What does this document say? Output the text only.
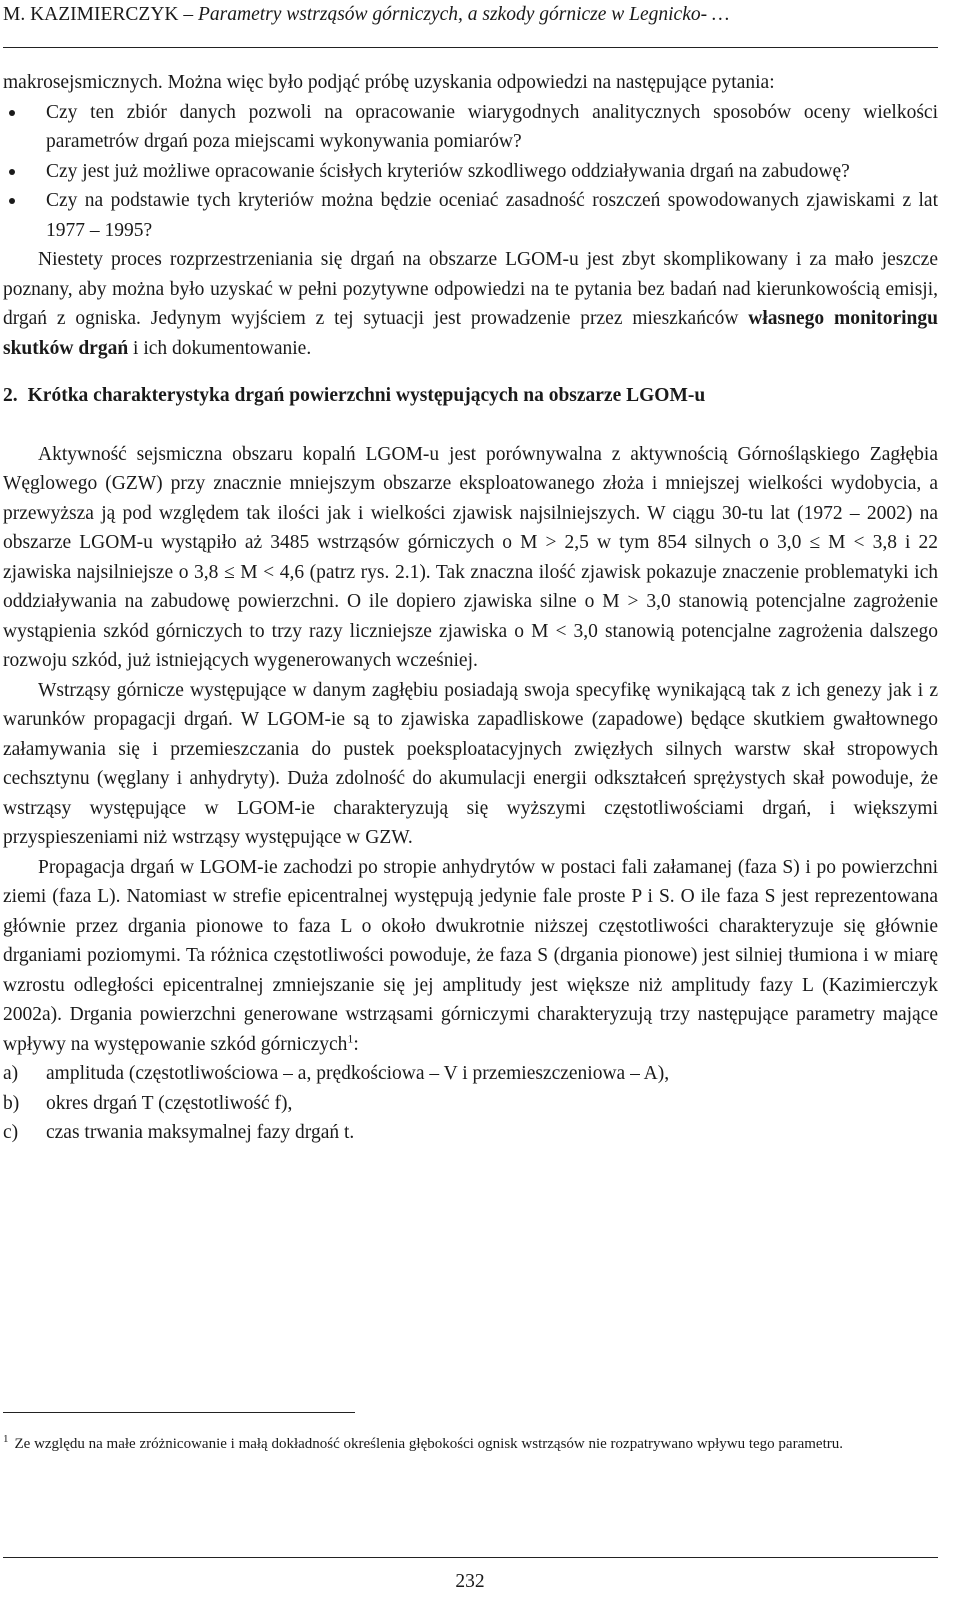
M. KAZIMIERCZYK – Parametry wstrząsów górniczych, a szkody górnicze w Legnicko- …

makrosejsmicznych. Można więc było podjąć próbę uzyskania odpowiedzi na następujące pytania:

Czy ten zbiór danych pozwoli na opracowanie wiarygodnych analitycznych sposobów oceny wielkości parametrów drgań poza miejscami wykonywania pomiarów?
Czy jest już możliwe opracowanie ścisłych kryteriów szkodliwego oddziaływania drgań na zabudowę?
Czy na podstawie tych kryteriów można będzie oceniać zasadność roszczeń spowodowanych zjawiskami z lat 1977 – 1995?

Niestety proces rozprzestrzeniania się drgań na obszarze LGOM-u jest zbyt skomplikowany i za mało jeszcze poznany, aby można było uzyskać w pełni pozytywne odpowiedzi na te pytania bez badań nad kierunkowością emisji, drgań z ogniska. Jedynym wyjściem z tej sytuacji jest prowadzenie przez mieszkańców własnego monitoringu skutków drgań i ich dokumentowanie.

2. Krótka charakterystyka drgań powierzchni występujących na obszarze LGOM-u

Aktywność sejsmiczna obszaru kopalń LGOM-u jest porównywalna z aktywnością Górnośląskiego Zagłębia Węglowego (GZW) przy znacznie mniejszym obszarze eksploatowanego złoża i mniejszej wielkości wydobycia, a przewyższa ją pod względem tak ilości jak i wielkości zjawisk najsilniejszych. W ciągu 30-tu lat (1972 – 2002) na obszarze LGOM-u wystąpiło aż 3485 wstrząsów górniczych o M > 2,5 w tym 854 silnych o 3,0 ≤ M < 3,8 i 22 zjawiska najsilniejsze o 3,8 ≤ M < 4,6 (patrz rys. 2.1). Tak znaczna ilość zjawisk pokazuje znaczenie problematyki ich oddziaływania na zabudowę powierzchni. O ile dopiero zjawiska silne o M > 3,0 stanowią potencjalne zagrożenie wystąpienia szkód górniczych to trzy razy liczniejsze zjawiska o M < 3,0 stanowią potencjalne zagrożenia dalszego rozwoju szkód, już istniejących wygenerowanych wcześniej.

Wstrząsy górnicze występujące w danym zagłębiu posiadają swoja specyfikę wynikającą tak z ich genezy jak i z warunków propagacji drgań. W LGOM-ie są to zjawiska zapadliskowe (zapadowe) będące skutkiem gwałtownego załamywania się i przemieszczania do pustek poeksploatacyjnych zwięzłych silnych warstw skał stropowych cechsztynu (węglany i anhydryty). Duża zdolność do akumulacji energii odkształceń sprężystych skał powoduje, że wstrząsy występujące w LGOM-ie charakteryzują się wyższymi częstotliwościami drgań, i większymi przyspieszeniami niż wstrząsy występujące w GZW.

Propagacja drgań w LGOM-ie zachodzi po stropie anhydrytów w postaci fali załamanej (faza S) i po powierzchni ziemi (faza L). Natomiast w strefie epicentralnej występują jedynie fale proste P i S. O ile faza S jest reprezentowana głównie przez drgania pionowe to faza L o około dwukrotnie niższej częstotliwości charakteryzuje się głównie drganiami poziomymi. Ta różnica częstotliwości powoduje, że faza S (drgania pionowe) jest silniej tłumiona i w miarę wzrostu odległości epicentralnej zmniejszanie się jej amplitudy jest większe niż amplitudy fazy L (Kazimierczyk 2002a). Drgania powierzchni generowane wstrząsami górniczymi charakteryzują trzy następujące parametry mające wpływy na występowanie szkód górniczych$^1$:

a) amplituda (częstotliwościowa – a, prędkościowa – V i przemieszczeniowa – A),
b) okres drgań T (częstotliwość f),
c) czas trwania maksymalnej fazy drgań t.
$^1$ Ze względu na małe zróżnicowanie i małą dokładność określenia głębokości ognisk wstrząsów nie rozpatrywano wpływu tego parametru.
232
